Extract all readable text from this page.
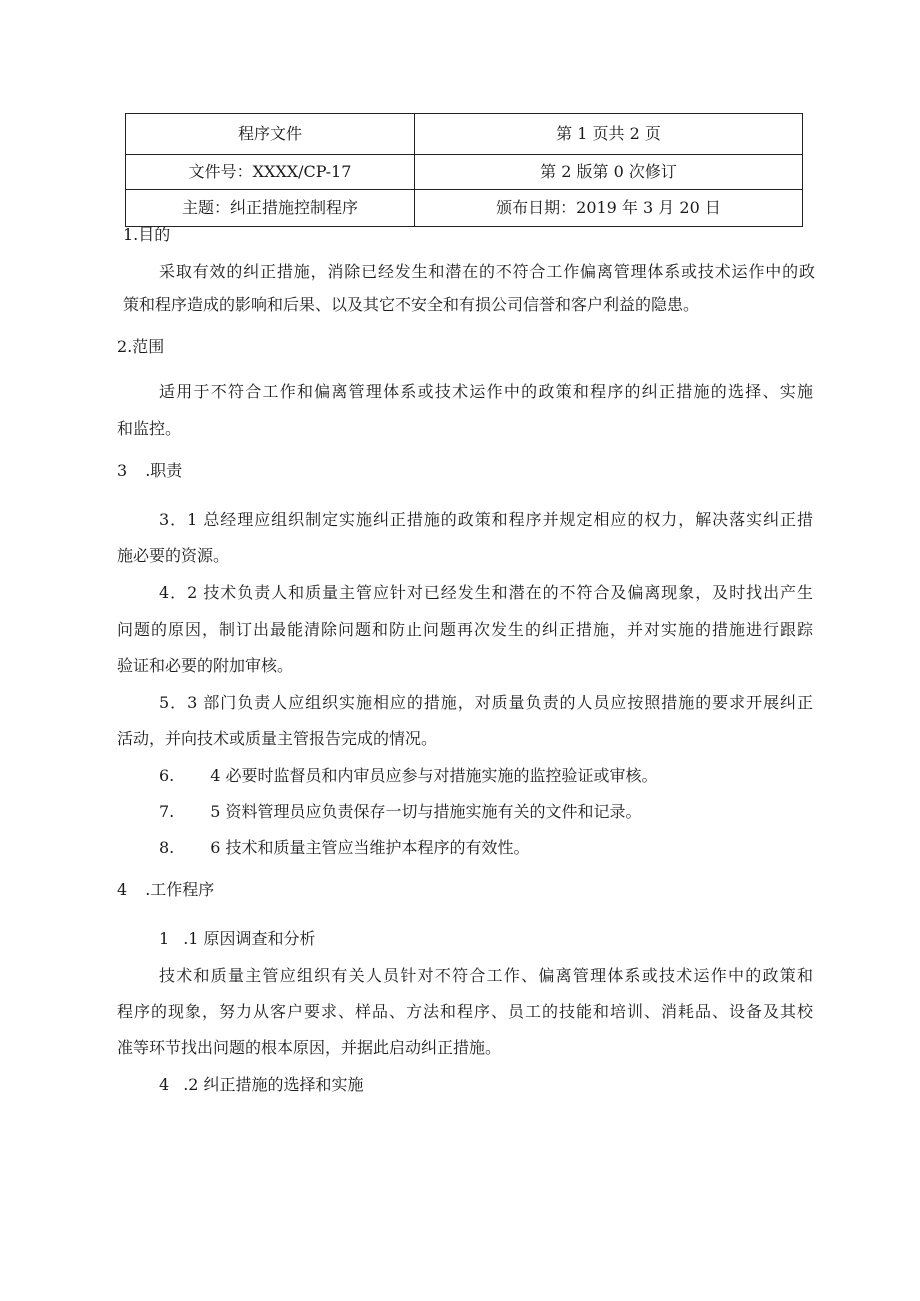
程序文件	第 1 页共 2 页
文件号：XXXX/CP-17	第 2 版第 0 次修订
主题：纠正措施控制程序	颁布日期：2019 年 3 月 20 日
1.目的
采取有效的纠正措施，消除已经发生和潜在的不符合工作偏离管理体系或技术运作中的政
策和程序造成的影响和后果、以及其它不安全和有损公司信誉和客户利益的隐患。
2.范围
适用于不符合工作和偏离管理体系或技术运作中的政策和程序的纠正措施的选择、实施
和监控。
3 .职责
3．1 总经理应组织制定实施纠正措施的政策和程序并规定相应的权力，解决落实纠正措
施必要的资源。
4．2 技术负责人和质量主管应针对已经发生和潜在的不符合及偏离现象，及时找出产生
问题的原因，制订出最能清除问题和防止问题再次发生的纠正措施，并对实施的措施进行跟踪
验证和必要的附加审核。
5．3 部门负责人应组织实施相应的措施，对质量负责的人员应按照措施的要求开展纠正
活动，并向技术或质量主管报告完成的情况。
6. 4 必要时监督员和内审员应参与对措施实施的监控验证或审核。
7. 5 资料管理员应负责保存一切与措施实施有关的文件和记录。
8. 6 技术和质量主管应当维护本程序的有效性。
4 .工作程序
1 .1 原因调查和分析
技术和质量主管应组织有关人员针对不符合工作、偏离管理体系或技术运作中的政策和
程序的现象，努力从客户要求、样品、方法和程序、员工的技能和培训、消耗品、设备及其校
准等环节找出问题的根本原因，并据此启动纠正措施。
4 .2 纠正措施的选择和实施
